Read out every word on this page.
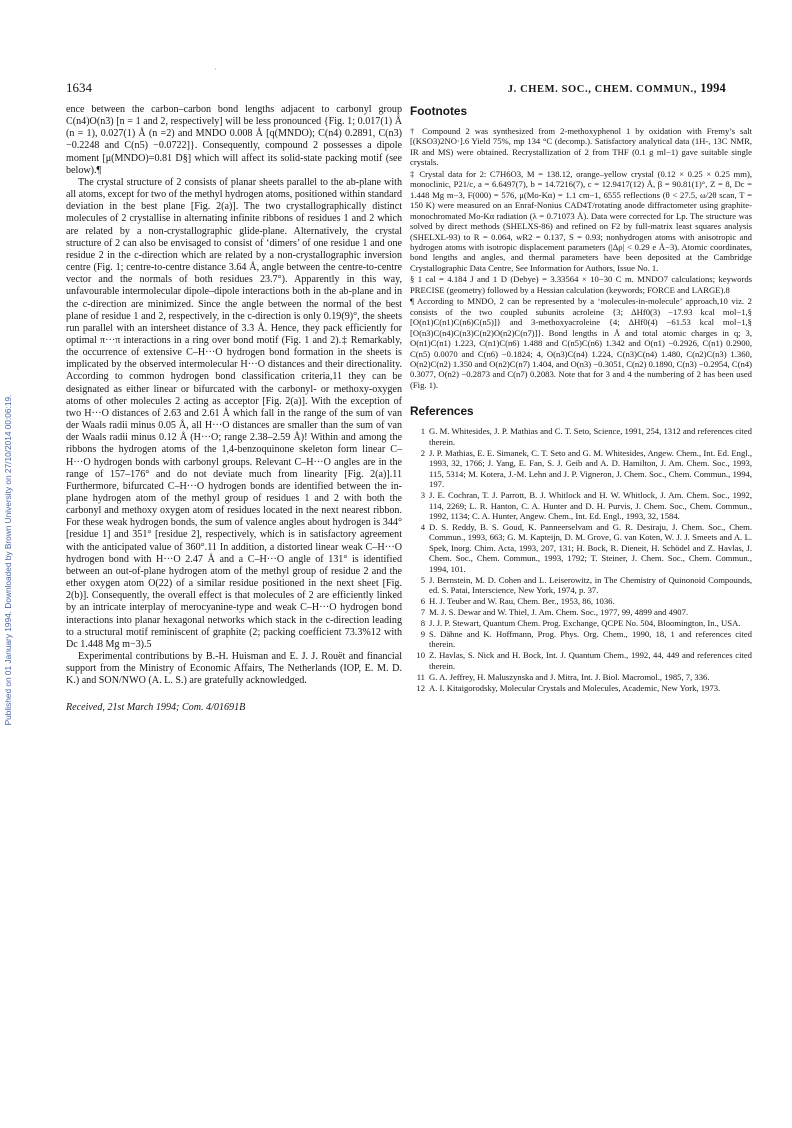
1634
·
J. CHEM. SOC., CHEM. COMMUN., 1994
Published on 01 January 1994. Downloaded by Brown University on 27/10/2014 00:06:19.

ence between the carbon–carbon bond lengths adjacent to carbonyl group C(n4)O(n3) [n = 1 and 2, respectively] will be less pronounced {Fig. 1; 0.017(1) Å (n = 1), 0.027(1) Å (n =2) and MNDO 0.008 Å [q(MNDO); C(n4) 0.2891, C(n3) −0.2248 and C(n5) −0.0722]}. Consequently, compound 2 possesses a dipole moment [μ(MNDO)=0.81 D§] which will affect its solid-state packing motif (see below).¶

The crystal structure of 2 consists of planar sheets parallel to the ab-plane with all atoms, except for two of the methyl hydrogen atoms, positioned within standard deviation in the best plane [Fig. 2(a)]. The two crystallographically distinct molecules of 2 crystallise in alternating infinite ribbons of residues 1 and 2 which are related by a non-crystallographic glide-plane. Alternatively, the crystal structure of 2 can also be envisaged to consist of ‘dimers’ of one residue 1 and one residue 2 in the c-direction which are related by a non-crystallographic inversion centre (Fig. 1; centre-to-centre distance 3.64 Å, angle between the centre-to-centre vector and the normals of both residues 23.7°). Apparently in this way, unfavourable intermolecular dipole–dipole interactions both in the ab-plane and in the c-direction are minimized. Since the angle between the normal of the best plane of residue 1 and 2, respectively, in the c-direction is only 0.19(9)°, the sheets run parallel with an intersheet distance of 3.3 Å. Hence, they pack efficiently for optimal π···π interactions in a ring over bond motif (Fig. 1 and 2).‡ Remarkably, the occurrence of extensive C–H···O hydrogen bond formation in the sheets is implicated by the observed intermolecular H···O distances and their directionality. According to common hydrogen bond classification criteria,11 they can be designated as either linear or bifurcated with the carbonyl- or methoxy-oxygen atoms of other molecules 2 acting as acceptor [Fig. 2(a)]. With the exception of two H···O distances of 2.63 and 2.61 Å which fall in the range of the sum of van der Waals radii minus 0.05 Å, all H···O distances are smaller than the sum of van der Waals radii minus 0.12 Å (H···O; range 2.38–2.59 Å)! Within and among the ribbons the hydrogen atoms of the 1,4-benzoquinone skeleton form linear C–H···O hydrogen bonds with carbonyl groups. Relevant C–H···O angles are in the range of 157–176° and do not deviate much from linearity [Fig. 2(a)].11 Furthermore, bifurcated C–H···O hydrogen bonds are identified between the in-plane hydrogen atom of the methyl group of residues 1 and 2 with both the carbonyl and methoxy oxygen atom of residues located in the next nearest ribbon. For these weak hydrogen bonds, the sum of valence angles about hydrogen is 344° [residue 1] and 351° [residue 2], respectively, which is in satisfactory agreement with the anticipated value of 360°.11 In addition, a distorted linear weak C–H···O hydrogen bond with H···O 2.47 Å and a C–H···O angle of 131° is identified between an out-of-plane hydrogen atom of the methyl group of residue 2 and the ether oxygen atom O(22) of a similar residue positioned in the next sheet [Fig. 2(b)]. Consequently, the overall effect is that molecules of 2 are efficiently linked by an intricate interplay of merocyanine-type and weak C–H···O hydrogen bond interactions into planar hexagonal networks which stack in the c-direction leading to a structural motif reminiscent of graphite (2; packing coefficient 73.3%12 with Dc 1.448 Mg m−3).5

Experimental contributions by B.-H. Huisman and E. J. J. Rouët and financial support from the Ministry of Economic Affairs, The Netherlands (IOP, E. M. D. K.) and SON/NWO (A. L. S.) are gratefully acknowledged.

Received, 21st March 1994; Com. 4/01691B
Footnotes

† Compound 2 was synthesized from 2-methoxyphenol 1 by oxidation with Fremy’s salt [(KSO3)2NO·].6 Yield 75%, mp 134 °C (decomp.). Satisfactory analytical data (1H-, 13C NMR, IR and MS) were obtained. Recrystallization of 2 from THF (0.1 g ml−1) gave suitable single crystals.

‡ Crystal data for 2: C7H6O3, M = 138.12, orange–yellow crystal (0.12 × 0.25 × 0.25 mm), monoclinic, P21/c, a = 6.6497(7), b = 14.7216(7), c = 12.9417(12) Å, β = 90.81(1)°, Z = 8, Dc = 1.448 Mg m−3, F(000) = 576, μ(Mo-Kα) = 1.1 cm−1, 6555 reflections (θ < 27.5, ω/2θ scan, T = 150 K) were measured on an Enraf-Nonius CAD4T/rotating anode diffractometer using graphite-monochromated Mo-Kα radiation (λ = 0.71073 Å). Data were corrected for Lp. The structure was solved by direct methods (SHELXS-86) and refined on F2 by full-matrix least squares analysis (SHELXL-93) to R = 0.064, wR2 = 0.137, S = 0.93; nonhydrogen atoms with anisotropic and hydrogen atoms with isotropic displacement parameters (|Δρ| < 0.29 e Å−3). Atomic coordinates, bond lengths and angles, and thermal parameters have been deposited at the Cambridge Crystallographic Data Centre, See Information for Authors, Issue No. 1.

§ 1 cal = 4.184 J and 1 D (Debye) = 3.33564 × 10−30 C m. MNDO7 calculations; keywords PRECISE (geometry) followed by a Hessian calculation (keywords; FORCE and LARGE).8

¶ According to MNDO, 2 can be represented by a ‘molecules-in-molecule’ approach,10 viz. 2 consists of the two coupled subunits acroleine {3; ΔHf0(3) −17.93 kcal mol−1,§ [O(n1)C(n1)C(n6)C(n5)]} and 3-methoxyacroleine {4; ΔHf0(4) −61.53 kcal mol−1,§ [O(n3)C(n4)C(n3)C(n2)O(n2)C(n7)]}. Bond lengths in Å and total atomic charges in q; 3, O(n1)C(n1) 1.223, C(n1)C(n6) 1.488 and C(n5)C(n6) 1.342 and O(n1) −0.2926, C(n1) 0.2900, C(n5) 0.0070 and C(n6) −0.1824; 4, O(n3)C(n4) 1.224, C(n3)C(n4) 1.480, C(n2)C(n3) 1.360, O(n2)C(n2) 1.350 and O(n2)C(n7) 1.404, and O(n3) −0.3051, C(n2) 0.1890, C(n3) −0.2954, C(n4) 0.3077, O(n2) −0.2873 and C(n7) 0.2083. Note that for 3 and 4 the numbering of 2 has been used (Fig. 1).

References
1 G. M. Whitesides, J. P. Mathias and C. T. Seto, Science, 1991, 254, 1312 and references cited therein.
2 J. P. Mathias, E. E. Simanek, C. T. Seto and G. M. Whitesides, Angew. Chem., Int. Ed. Engl., 1993, 32, 1766; J. Yang, E. Fan, S. J. Geib and A. D. Hamilton, J. Am. Chem. Soc., 1993, 115, 5314; M. Kotera, J.-M. Lehn and J. P. Vigneron, J. Chem. Soc., Chem. Commun., 1994, 197.
3 J. E. Cochran, T. J. Parrott, B. J. Whitlock and H. W. Whitlock, J. Am. Chem. Soc., 1992, 114, 2269; L. R. Hanton, C. A. Hunter and D. H. Purvis, J. Chem. Soc., Chem. Commun., 1992, 1134; C. A. Hunter, Angew. Chem., Int. Ed. Engl., 1993, 32, 1584.
4 D. S. Reddy, B. S. Goud, K. Panneerselvam and G. R. Desiraju, J. Chem. Soc., Chem. Commun., 1993, 663; G. M. Kapteijn, D. M. Grove, G. van Koten, W. J. J. Smeets and A. L. Spek, Inorg. Chim. Acta, 1993, 207, 131; H. Bock, R. Dieneit, H. Schödel and Z. Havlas, J. Chem. Soc., Chem. Commun., 1993, 1792; T. Steiner, J. Chem. Soc., Chem. Commun., 1994, 101.
5 J. Bernstein, M. D. Cohen and L. Leiserowitz, in The Chemistry of Quinonoid Compounds, ed. S. Patai, Interscience, New York, 1974, p. 37.
6 H. J. Teuber and W. Rau, Chem. Ber., 1953, 86, 1036.
7 M. J. S. Dewar and W. Thiel, J. Am. Chem. Soc., 1977, 99, 4899 and 4907.
8 J. J. P. Stewart, Quantum Chem. Prog. Exchange, QCPE No. 504, Bloomington, In., USA.
9 S. Dähne and K. Hoffmann, Prog. Phys. Org. Chem., 1990, 18, 1 and references cited therein.
10 Z. Havlas, S. Nick and H. Bock, Int. J. Quantum Chem., 1992, 44, 449 and references cited therein.
11 G. A. Jeffrey, H. Maluszynska and J. Mitra, Int. J. Biol. Macromol., 1985, 7, 336.
12 A. I. Kitaigorodsky, Molecular Crystals and Molecules, Academic, New York, 1973.
